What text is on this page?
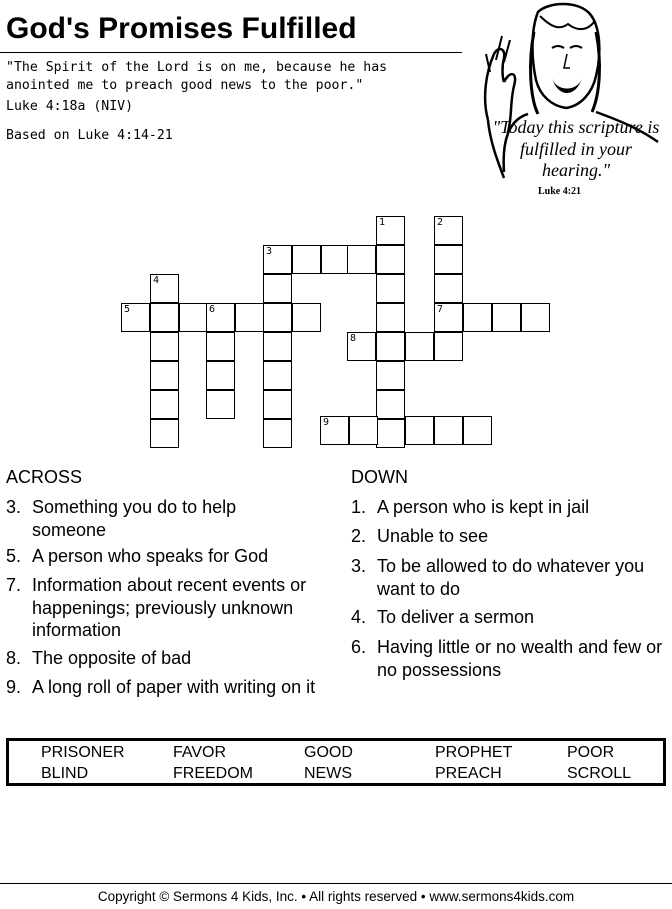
God's Promises Fulfilled

"The Spirit of the Lord is on me, because he has anointed me to preach good news to the poor."

Luke 4:18a (NIV)
Based on Luke 4:14-21	"Today this scripture is fulfilled in your hearing."
Luke 4:21
1	2
3
4
5	6	7
8
9
ACROSS	DOWN
3. Something you do to help someone
5. A person who speaks for God
7. Information about recent events or happenings; previously unknown information
8. The opposite of bad
9. A long roll of paper with writing on it
1. A person who is kept in jail
2. Unable to see
3. To be allowed to do whatever you want to do
4. To deliver a sermon
6. Having little or no wealth and few or no possessions
PRISONER	FAVOR	GOOD	PROPHET	POOR
BLIND	FREEDOM	NEWS	PREACH	SCROLL
Copyright © Sermons 4 Kids, Inc. • All rights reserved • www.sermons4kids.com
